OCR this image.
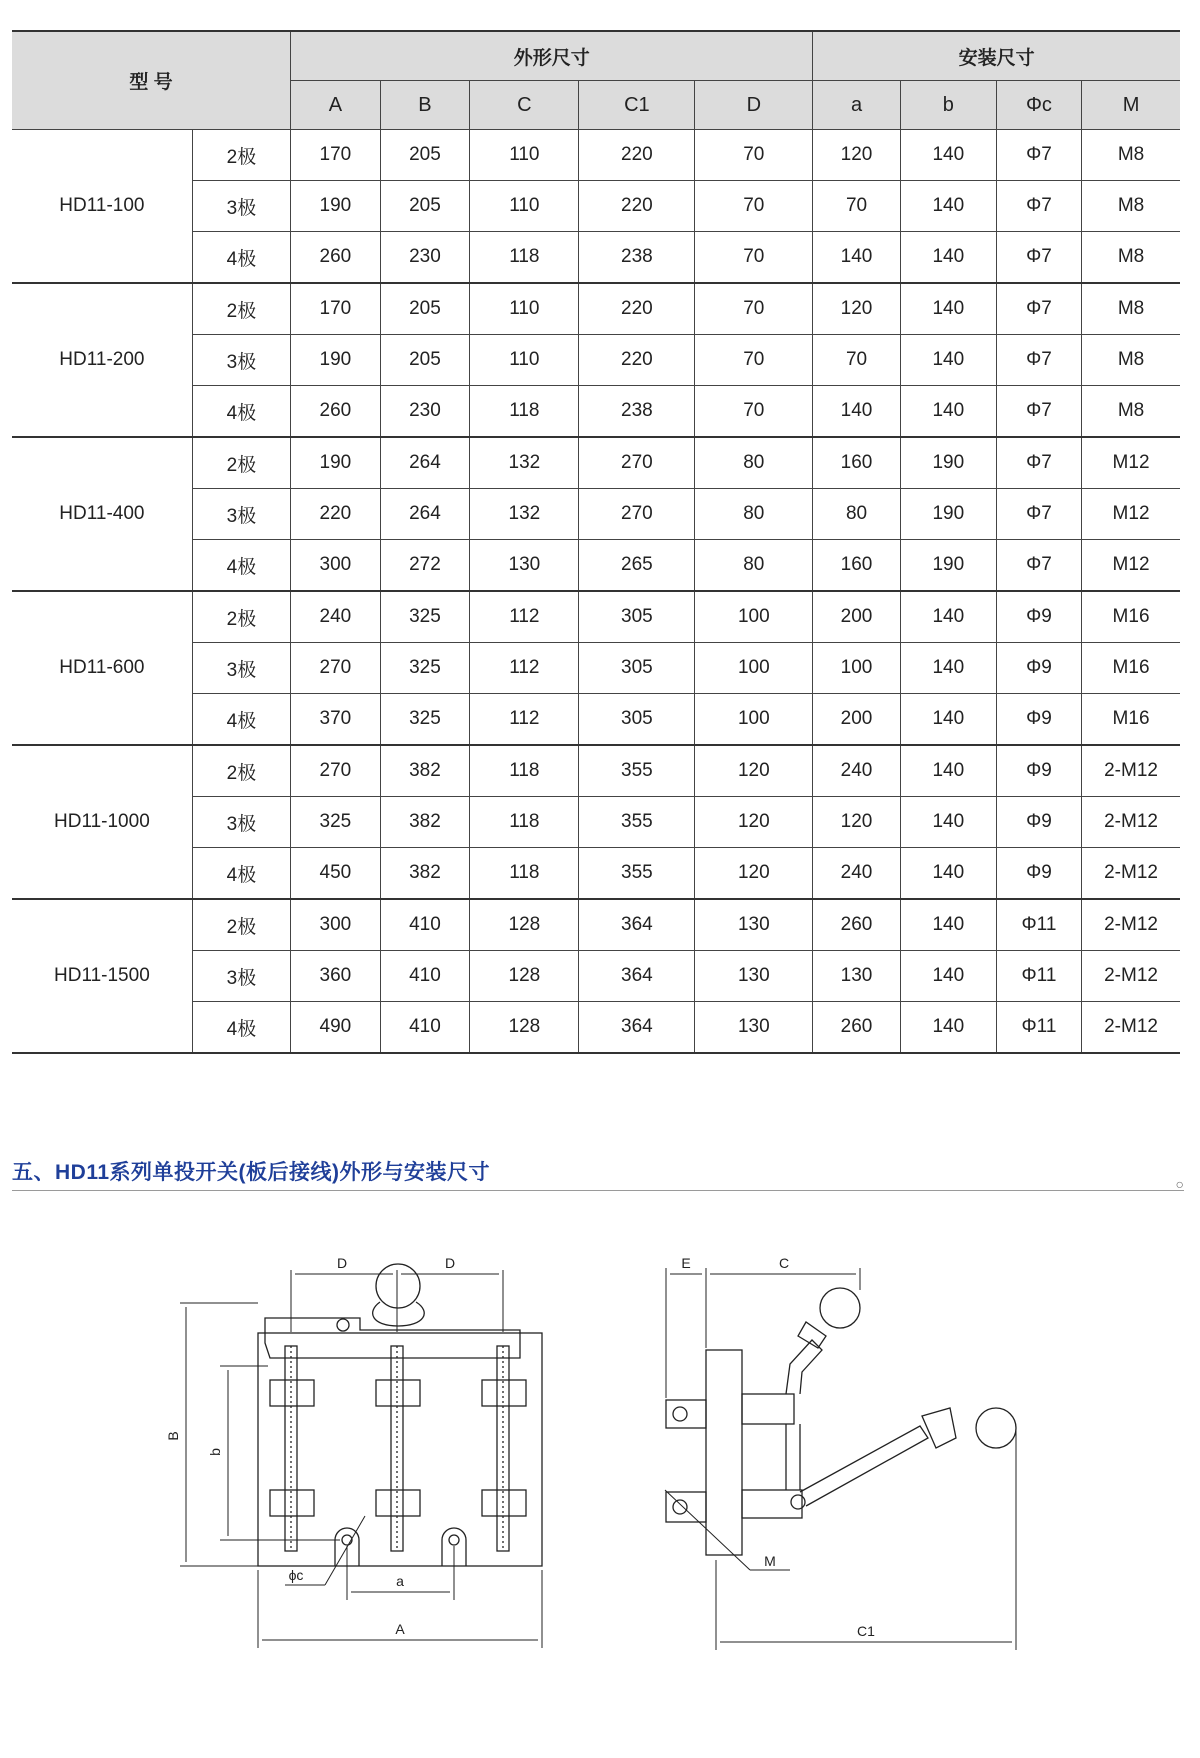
型 号		外形尺寸					安装尺寸			
		A	B	C	C1	D	a	b	Φc	M
HD11-100	2极	170	205	110	220	70	120	140	Φ7	M8
	3极	190	205	110	220	70	70	140	Φ7	M8
	4极	260	230	118	238	70	140	140	Φ7	M8
HD11-200	2极	170	205	110	220	70	120	140	Φ7	M8
	3极	190	205	110	220	70	70	140	Φ7	M8
	4极	260	230	118	238	70	140	140	Φ7	M8
HD11-400	2极	190	264	132	270	80	160	190	Φ7	M12
	3极	220	264	132	270	80	80	190	Φ7	M12
	4极	300	272	130	265	80	160	190	Φ7	M12
HD11-600	2极	240	325	112	305	100	200	140	Φ9	M16
	3极	270	325	112	305	100	100	140	Φ9	M16
	4极	370	325	112	305	100	200	140	Φ9	M16
HD11-1000	2极	270	382	118	355	120	240	140	Φ9	2-M12
	3极	325	382	118	355	120	120	140	Φ9	2-M12
	4极	450	382	118	355	120	240	140	Φ9	2-M12
HD11-1500	2极	300	410	128	364	130	260	140	Φ11	2-M12
	3极	360	410	128	364	130	130	140	Φ11	2-M12
	4极	490	410	128	364	130	260	140	Φ11	2-M12
五、HD11系列单投开关(板后接线)外形与安装尺寸	○
D	D
B
b
ϕc	a
A
E	C
M
C1
